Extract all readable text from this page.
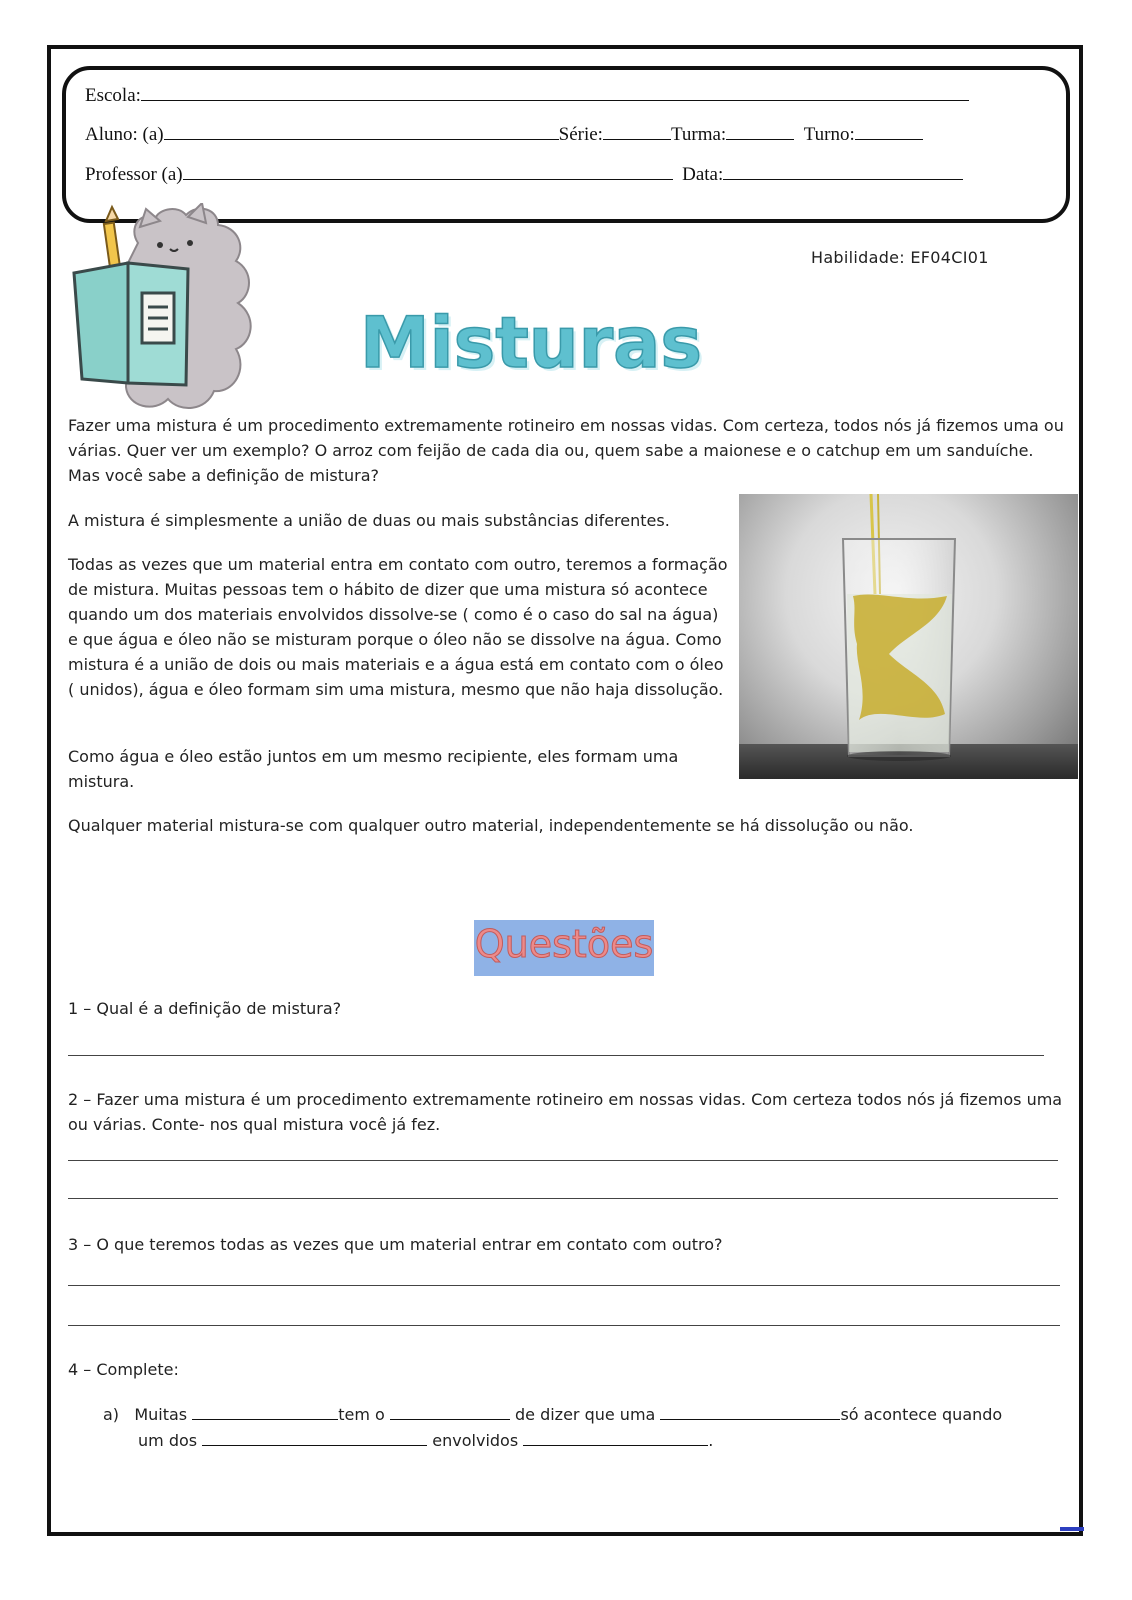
Escola:
Aluno: (a)	Série:	Turma:	Turno:
Professor (a)	Data:
Habilidade: EF04CI01
Misturas
Fazer uma mistura é um procedimento extremamente rotineiro em nossas vidas. Com certeza, todos nós já fizemos uma ou várias. Quer ver um exemplo? O arroz com feijão de cada dia ou, quem sabe a maionese e o catchup em um sanduíche. Mas você sabe a definição de mistura?
A mistura é simplesmente a união de duas ou mais substâncias diferentes.
Todas as vezes que um material entra em contato com outro, teremos a formação de mistura. Muitas pessoas tem o hábito de dizer que uma mistura só acontece quando um dos materiais envolvidos dissolve-se ( como é o caso do sal na água) e que água e óleo não se misturam porque o óleo não se dissolve na água. Como mistura é a união de dois ou mais materiais e a água está em contato com o óleo ( unidos), água e óleo formam sim uma mistura, mesmo que não haja dissolução.
Como água e óleo estão juntos em um mesmo recipiente, eles formam uma mistura.
Qualquer material mistura-se com qualquer outro material, independentemente se há dissolução ou não.
Questões
1 – Qual é a definição de mistura?
2 – Fazer uma mistura é um procedimento extremamente rotineiro em nossas vidas. Com certeza todos nós já fizemos uma ou várias. Conte- nos qual mistura você já fez.
3 – O que teremos todas as vezes que um material entrar em contato com outro?
4 – Complete:
a) Muitas	tem o	de dizer que uma	só acontece quando
um dos	envolvidos	.
